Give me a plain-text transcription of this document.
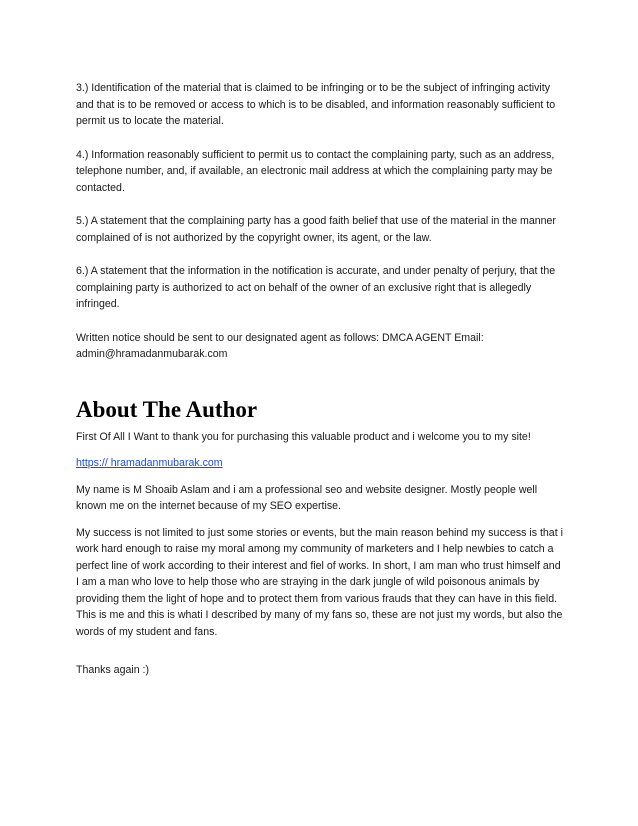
3.) Identification of the material that is claimed to be infringing or to be the subject of infringing activity and that is to be removed or access to which is to be disabled, and information reasonably sufficient to permit us to locate the material.

4.) Information reasonably sufficient to permit us to contact the complaining party, such as an address, telephone number, and, if available, an electronic mail address at which the complaining party may be contacted.

5.) A statement that the complaining party has a good faith belief that use of the material in the manner complained of is not authorized by the copyright owner, its agent, or the law.

6.) A statement that the information in the notification is accurate, and under penalty of perjury, that the complaining party is authorized to act on behalf of the owner of an exclusive right that is allegedly infringed.

Written notice should be sent to our designated agent as follows: DMCA AGENT Email: admin@hramadanmubarak.com

About The Author

First Of All I Want to thank you for purchasing this valuable product and i welcome you to my site!

https:// hramadanmubarak.com

My name is M Shoaib Aslam and i am a professional seo and website designer. Mostly people well known me on the internet because of my SEO expertise.

My success is not limited to just some stories or events, but the main reason behind my success is that i work hard enough to raise my moral among my community of marketers and I help newbies to catch a perfect line of work according to their interest and fiel of works. In short, I am man who trust himself and I am a man who love to help those who are straying in the dark jungle of wild poisonous animals by providing them the light of hope and to protect them from various frauds that they can have in this field. This is me and this is whati I described by many of my fans so, these are not just my words, but also the words of my student and fans.

Thanks again :)
